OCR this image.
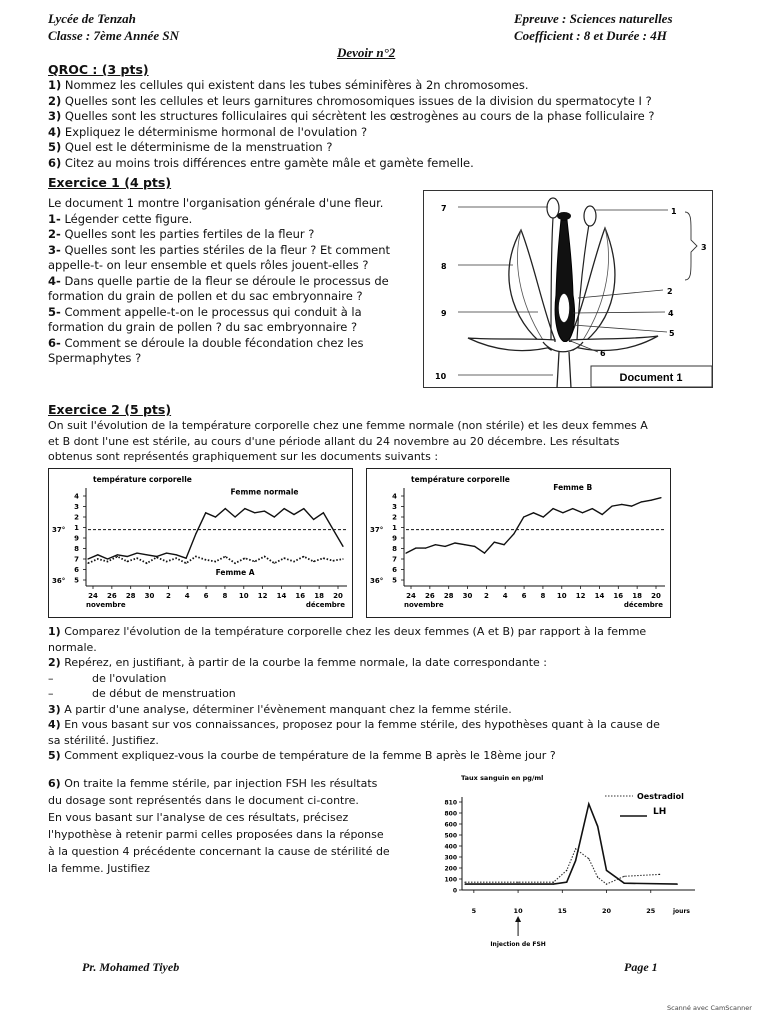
Lycée de Tenzah
Classe : 7ème Année SN
Epreuve : Sciences naturelles
Coefficient : 8 et Durée : 4H
Devoir n°2
QROC : (3 pts)
1) Nommez les cellules qui existent dans les tubes séminifères à 2n chromosomes.
2) Quelles sont les cellules et leurs garnitures chromosomiques issues de la division du spermatocyte I ?
3) Quelles sont les structures folliculaires qui sécrètent les œstrogènes au cours de la phase folliculaire ?
4) Expliquez le déterminisme hormonal de l'ovulation ?
5) Quel est le déterminisme de la menstruation ?
6) Citez au moins trois différences entre gamète mâle et gamète femelle.
Exercice 1 (4 pts)
Le document 1 montre l'organisation générale d'une fleur.
1- Légender cette figure.
2- Quelles sont les parties fertiles de la fleur ?
3- Quelles sont les parties stériles de la fleur ? Et comment
appelle-t- on leur ensemble et quels rôles jouent-elles ?
4- Dans quelle partie de la fleur se déroule le processus de
formation du grain de pollen et du sac embryonnaire ?
5- Comment appelle-t-on le processus qui conduit à la
formation du grain de pollen ? du sac embryonnaire ?
6- Comment se déroule la double fécondation chez les
Spermaphytes ?
7	1
3
8
2
9	4
5
6
10	Document 1
Exercice 2 (5 pts)
On suit l'évolution de la température corporelle chez une femme normale (non stérile) et les deux femmes A
et B dont l'une est stérile, au cours d'une période allant du 24 novembre au 20 décembre. Les résultats
obtenus sont représentés graphiquement sur les documents suivants :
température corporelle
4
3
2
1
9
8
7
6
5
37°
36°
24 26 28 30 2 4 6 8 10 12 14 16 18 20
novembre	décembre
Femme normale
Femme A
température corporelle
4
3
2
1
9
8
7
6
5
37°
36°
24 26 28 30 2 4 6 8 10 12 14 16 18 20
novembre	décembre
Femme B
1) Comparez l'évolution de la température corporelle chez les deux femmes (A et B) par rapport à la femme
normale.
2) Repérez, en justifiant, à partir de la courbe la femme normale, la date correspondante :
–	de l'ovulation
–	de début de menstruation
3) A partir d'une analyse, déterminer l'évènement manquant chez la femme stérile.
4) En vous basant sur vos connaissances, proposez pour la femme stérile, des hypothèses quant à la cause de
sa stérilité. Justifiez.
5) Comment expliquez-vous la courbe de température de la femme B après le 18ème jour ?
6) On traite la femme stérile, par injection FSH les résultats
du dosage sont représentés dans le document ci-contre.
En vous basant sur l'analyse de ces résultats, précisez
l'hypothèse à retenir parmi celles proposées dans la réponse
à la question 4 précédente concernant la cause de stérilité de
la femme. Justifiez
Taux sanguin en pg/ml
810
800
600
500
400
300
200
100
0
5	10	15	20	25	jours
Injection de FSH
Oestradiol
LH
Pr. Mohamed Tiyeb	Page 1
Scanné avec CamScanner
